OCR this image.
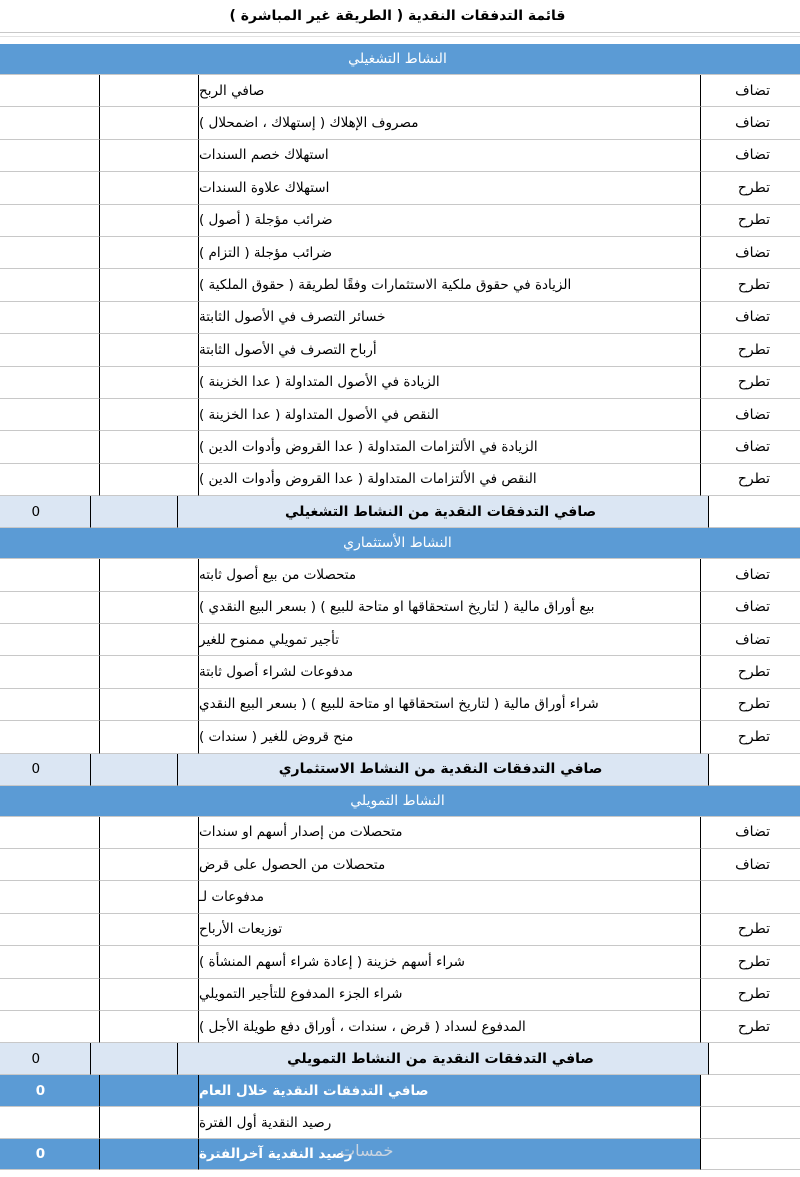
قائمة التدفقات النقدية ( الطريقة غير المباشرة )
النشاط التشغيلي
تضاف
صافي الربح
تضاف
مصروف الإهلاك ( إستهلاك ، اضمحلال )
تضاف
استهلاك خصم السندات
تطرح
استهلاك علاوة السندات
تطرح
ضرائب مؤجلة ( أصول )
تضاف
ضرائب مؤجلة ( التزام )
تطرح
الزيادة في حقوق ملكية الاستثمارات وفقًا لطريقة ( حقوق الملكية )
تضاف
خسائر التصرف في الأصول الثابتة
تطرح
أرباح التصرف في الأصول الثابتة
تطرح
الزيادة في الأصول المتداولة ( عدا الخزينة )
تضاف
النقص في الأصول المتداولة ( عدا الخزينة )
تضاف
الزيادة في الألتزامات المتداولة ( عدا القروض وأدوات الدين )
تطرح
النقص في الألتزامات المتداولة ( عدا القروض وأدوات الدين )
صافي التدفقات النقدية من النشاط التشغيلي
0
النشاط الأستثماري
تضاف
متحصلات من بيع أصول ثابته
تضاف
بيع أوراق مالية ( لتاريخ استحقاقها او متاحة للبيع ) ( بسعر البيع النقدي )
تضاف
تأجير تمويلي ممنوح للغير
تطرح
مدفوعات لشراء أصول ثابتة
تطرح
شراء أوراق مالية ( لتاريخ استحقاقها او متاحة للبيع ) ( بسعر البيع النقدي
تطرح
منح قروض للغير ( سندات )
صافي التدفقات النقدية من النشاط الاستثماري
0
النشاط التمويلي
تضاف
متحصلات من إصدار أسهم او سندات
تضاف
متحصلات من الحصول على قرض
مدفوعات لـ
تطرح
توزيعات الأرباح
تطرح
شراء أسهم خزينة ( إعادة شراء أسهم المنشأة )
تطرح
شراء الجزء المدفوع للتأجير التمويلي
تطرح
المدفوع لسداد ( قرض ، سندات ، أوراق دفع طويلة الأجل )
صافي التدفقات النقدية من النشاط التمويلي
0
صافي التدفقات النقدية خلال العام
0
رصيد النقدية أول الفترة
رصيد النقدية آخرالفترة
0	خمسات
